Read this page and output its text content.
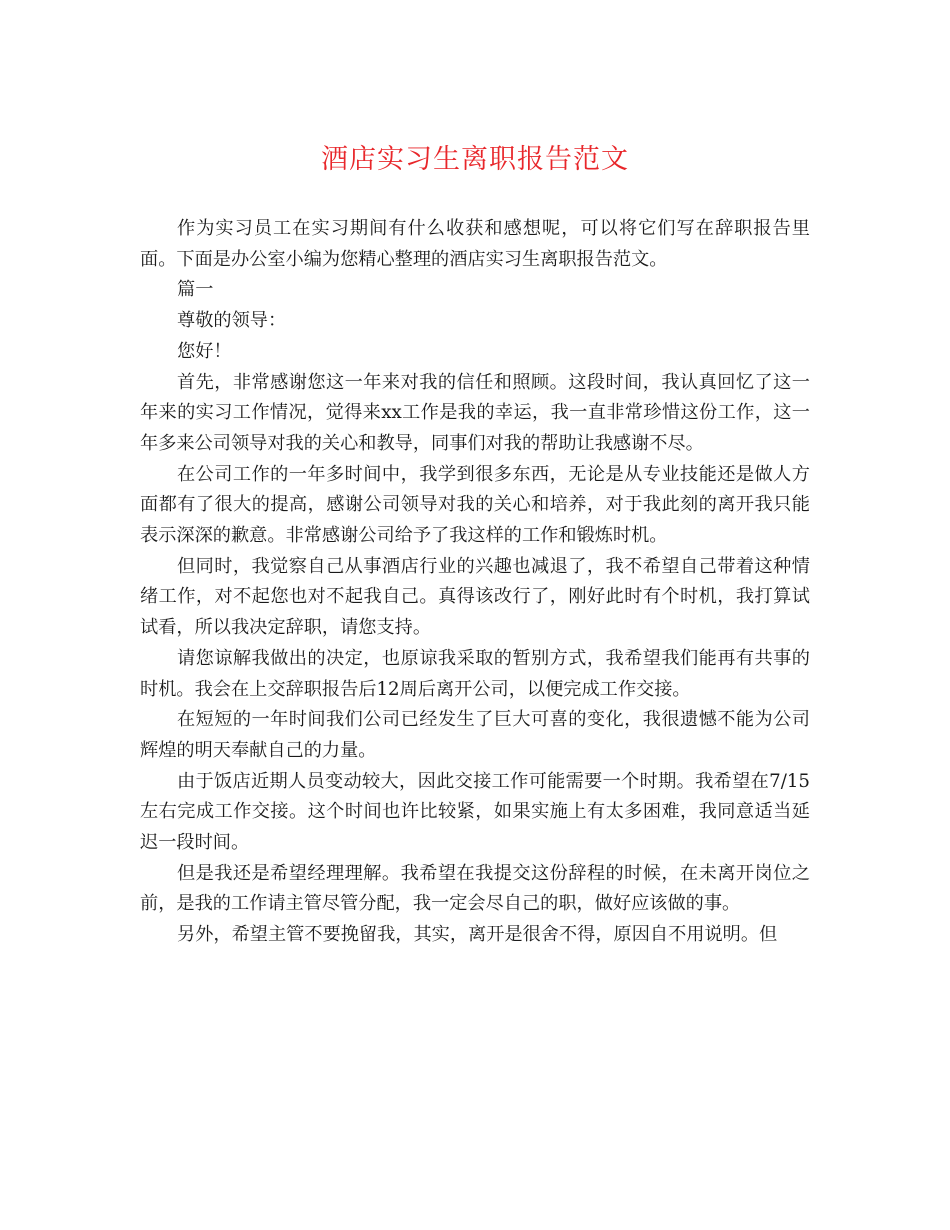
酒店实习生离职报告范文

作为实习员工在实习期间有什么收获和感想呢，可以将它们写在辞职报告里面。下面是办公室小编为您精心整理的酒店实习生离职报告范文。

篇一

尊敬的领导：

您好！

首先，非常感谢您这一年来对我的信任和照顾。这段时间，我认真回忆了这一年来的实习工作情况，觉得来xx工作是我的幸运，我一直非常珍惜这份工作，这一年多来公司领导对我的关心和教导，同事们对我的帮助让我感谢不尽。

在公司工作的一年多时间中，我学到很多东西，无论是从专业技能还是做人方面都有了很大的提高，感谢公司领导对我的关心和培养，对于我此刻的离开我只能表示深深的歉意。非常感谢公司给予了我这样的工作和锻炼时机。

但同时，我觉察自己从事酒店行业的兴趣也减退了，我不希望自己带着这种情绪工作，对不起您也对不起我自己。真得该改行了，刚好此时有个时机，我打算试试看，所以我决定辞职，请您支持。

请您谅解我做出的决定，也原谅我采取的暂别方式，我希望我们能再有共事的时机。我会在上交辞职报告后12周后离开公司，以便完成工作交接。

在短短的一年时间我们公司已经发生了巨大可喜的变化，我很遗憾不能为公司辉煌的明天奉献自己的力量。

由于饭店近期人员变动较大，因此交接工作可能需要一个时期。我希望在7/15左右完成工作交接。这个时间也许比较紧，如果实施上有太多困难，我同意适当延迟一段时间。

但是我还是希望经理理解。我希望在我提交这份辞程的时候，在未离开岗位之前，是我的工作请主管尽管分配，我一定会尽自己的职，做好应该做的事。

另外，希望主管不要挽留我，其实，离开是很舍不得，原因自不用说明。但
